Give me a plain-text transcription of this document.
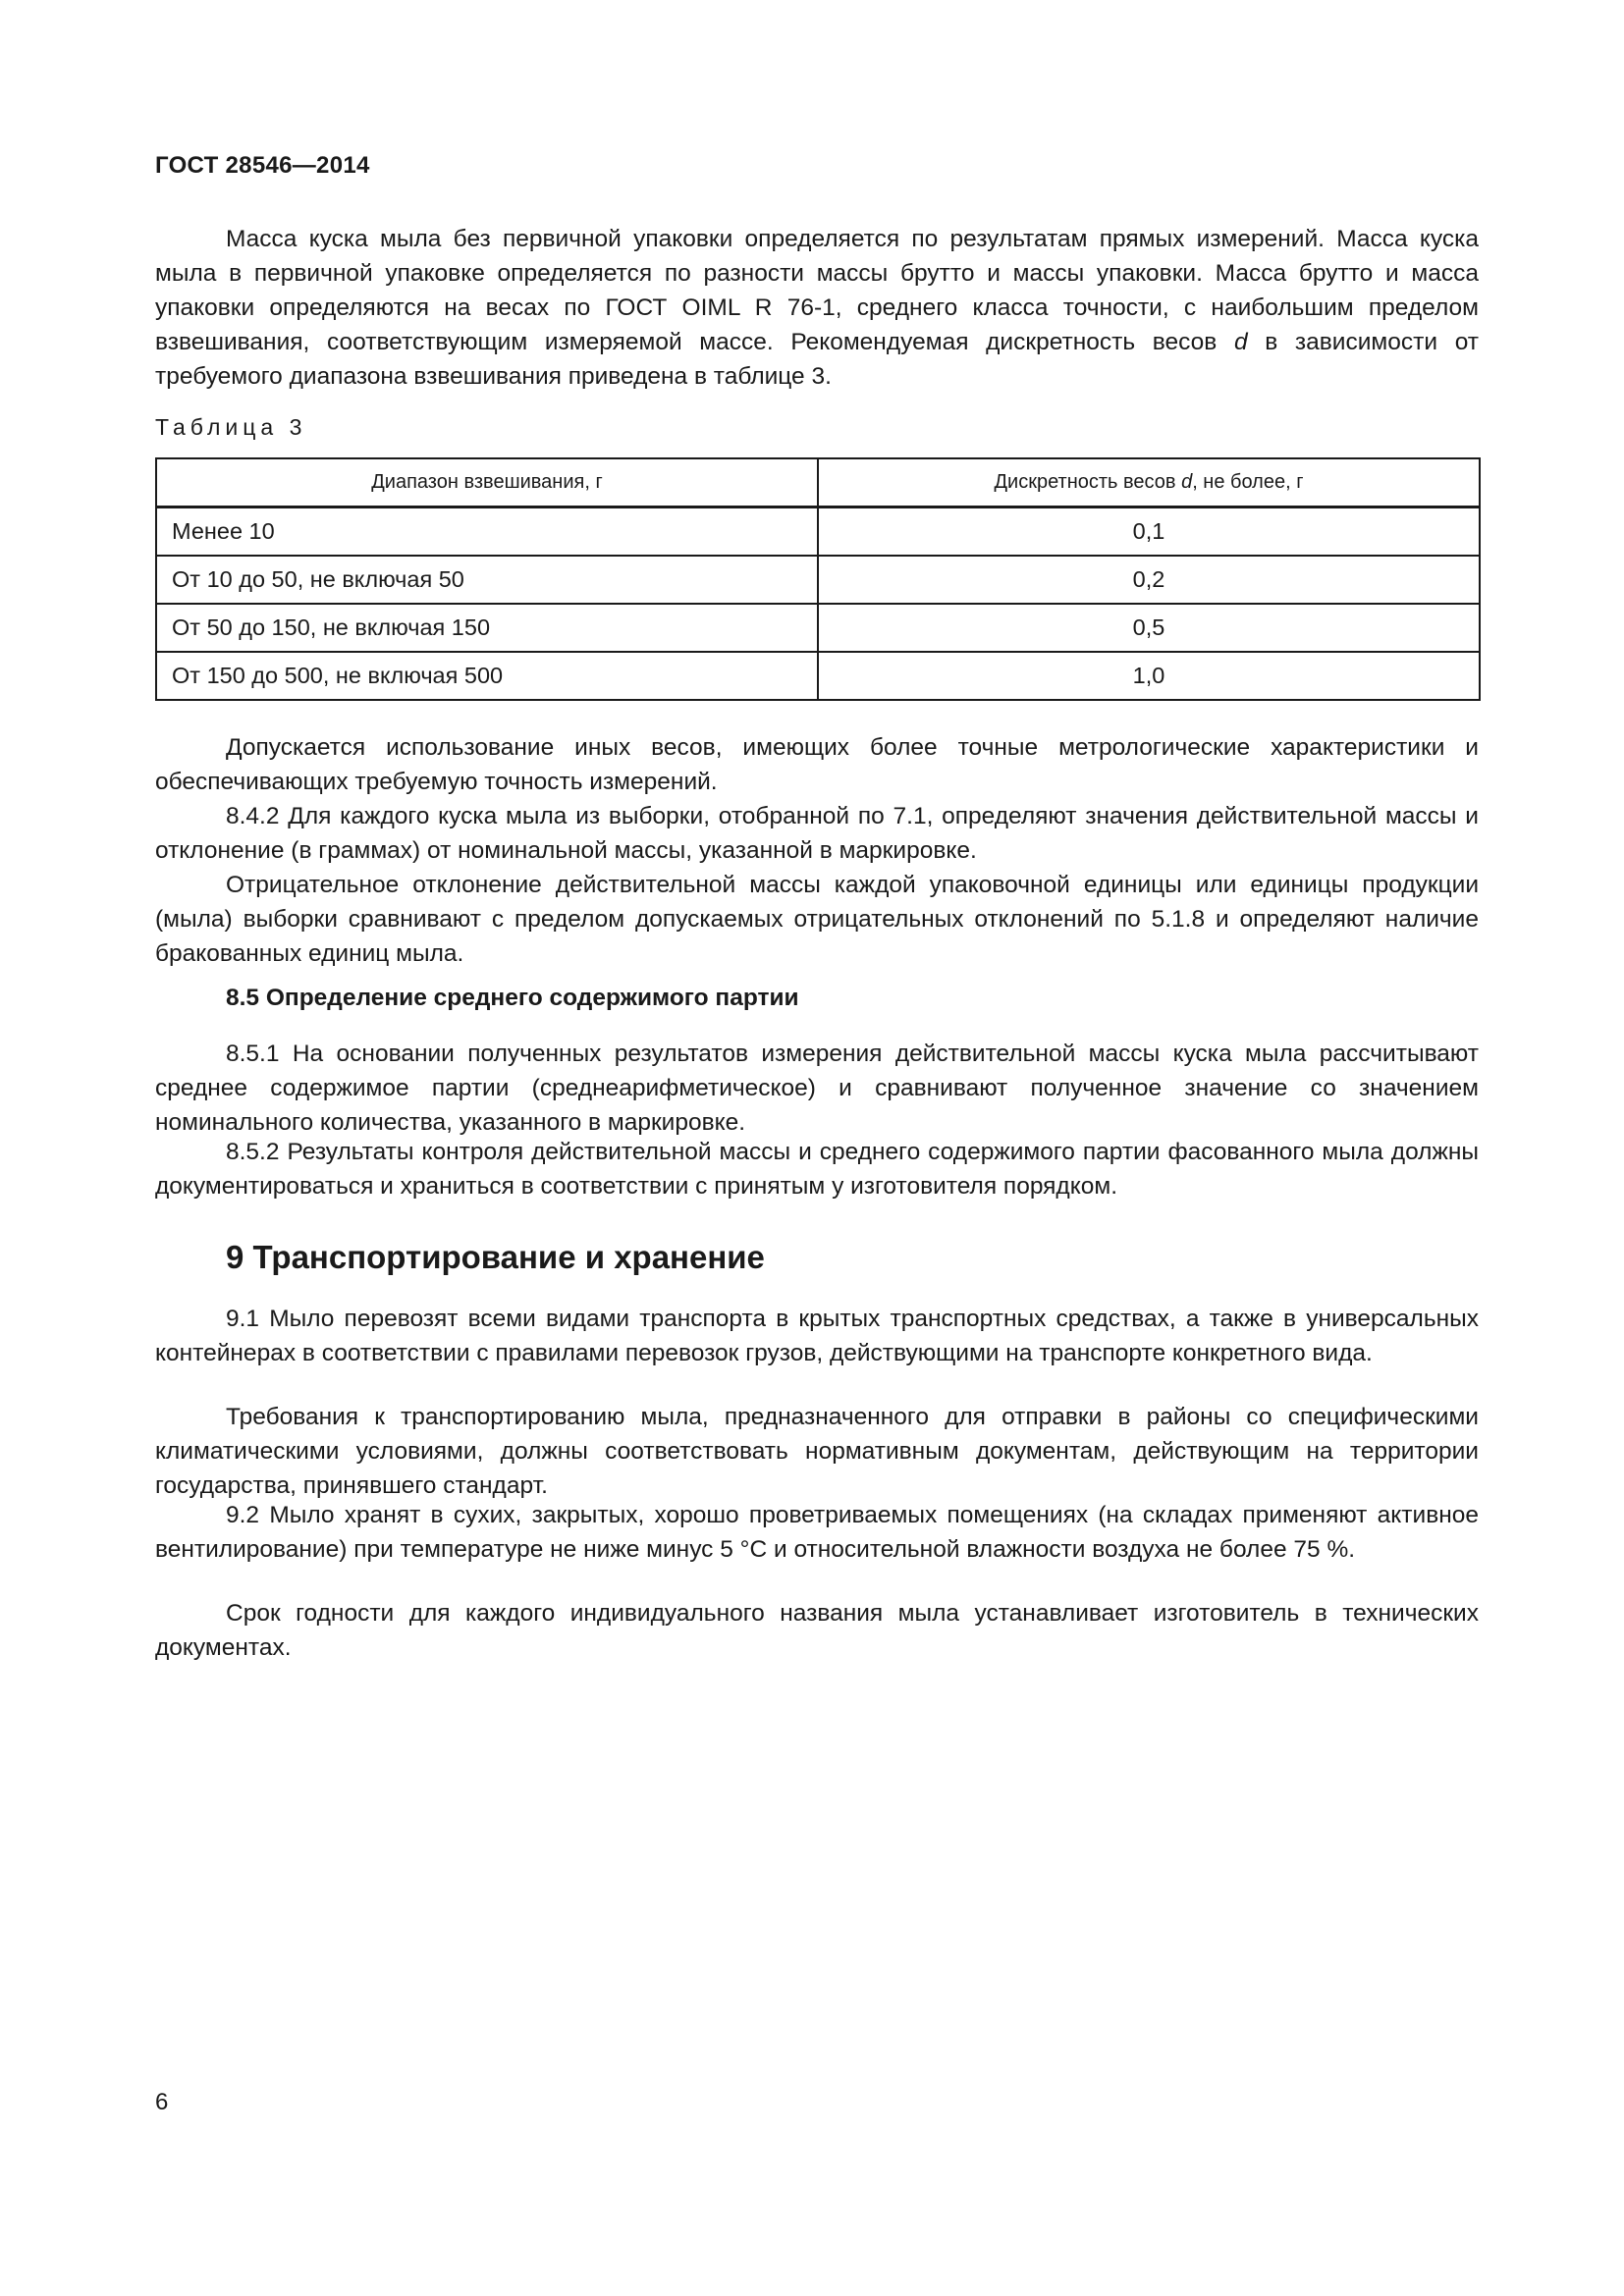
ГОСТ 28546—2014

Масса куска мыла без первичной упаковки определяется по результатам прямых измерений. Масса куска мыла в первичной упаковке определяется по разности массы брутто и массы упаковки. Масса брутто и масса упаковки определяются на весах по ГОСТ OIML R 76-1, среднего класса точности, с наибольшим пределом взвешивания, соответствующим измеряемой массе. Рекомендуемая дискретность весов d в зависимости от требуемого диапазона взвешивания приведена в таблице 3.

Таблица 3
Диапазон взвешивания, г	Дискретность весов d, не более, г
Менее 10	0,1
От 10 до 50, не включая 50	0,2
От 50 до 150, не включая 150	0,5
От 150 до 500, не включая 500	1,0

Допускается использование иных весов, имеющих более точные метрологические характеристики и обеспечивающих требуемую точность измерений.

8.4.2 Для каждого куска мыла из выборки, отобранной по 7.1, определяют значения действительной массы и отклонение (в граммах) от номинальной массы, указанной в маркировке.

Отрицательное отклонение действительной массы каждой упаковочной единицы или единицы продукции (мыла) выборки сравнивают с пределом допускаемых отрицательных отклонений по 5.1.8 и определяют наличие бракованных единиц мыла.

8.5 Определение среднего содержимого партии

8.5.1 На основании полученных результатов измерения действительной массы куска мыла рассчитывают среднее содержимое партии (среднеарифметическое) и сравнивают полученное значение со значением номинального количества, указанного в маркировке.

8.5.2 Результаты контроля действительной массы и среднего содержимого партии фасованного мыла должны документироваться и храниться в соответствии с принятым у изготовителя порядком.

9 Транспортирование и хранение

9.1 Мыло перевозят всеми видами транспорта в крытых транспортных средствах, а также в универсальных контейнерах в соответствии с правилами перевозок грузов, действующими на транспорте конкретного вида.

Требования к транспортированию мыла, предназначенного для отправки в районы со специфическими климатическими условиями, должны соответствовать нормативным документам, действующим на территории государства, принявшего стандарт.

9.2 Мыло хранят в сухих, закрытых, хорошо проветриваемых помещениях (на складах применяют активное вентилирование) при температуре не ниже минус 5 °С и относительной влажности воздуха не более 75 %.

Срок годности для каждого индивидуального названия мыла устанавливает изготовитель в технических документах.

6
